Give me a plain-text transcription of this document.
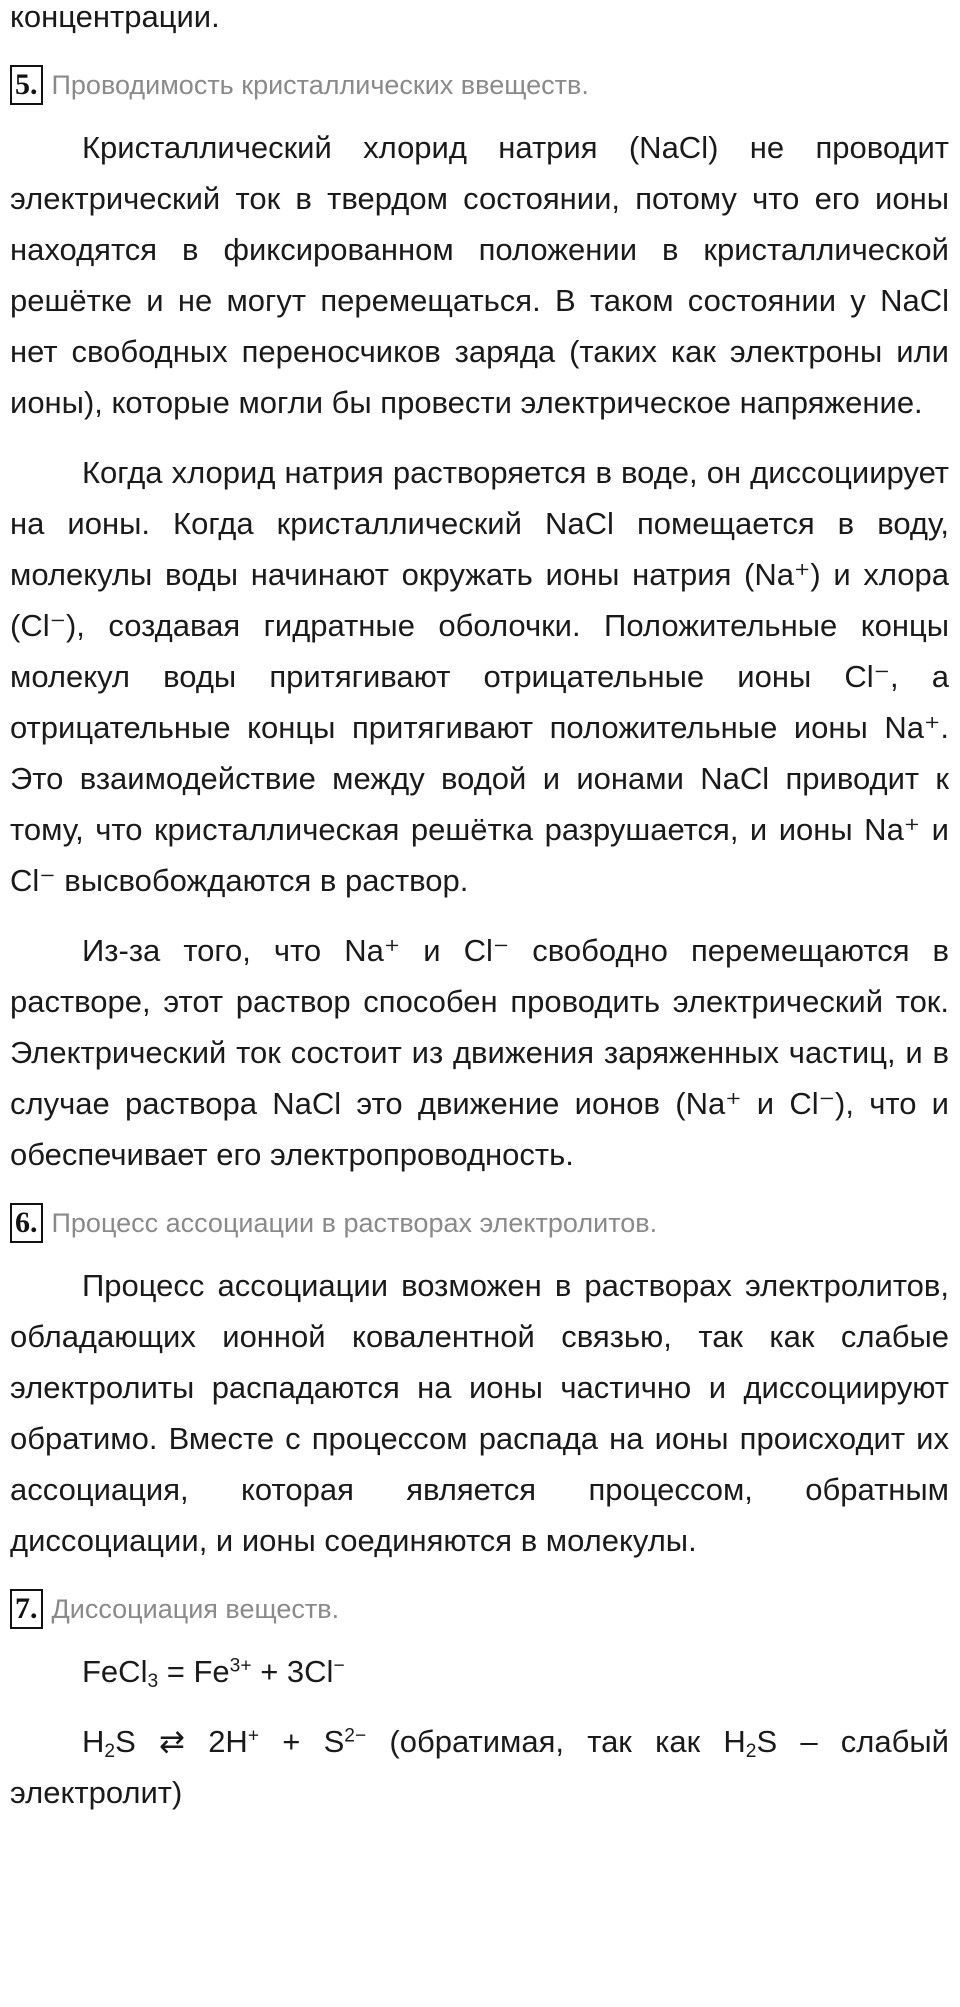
концентрации.

5. Проводимость кристаллических ввеществ.

Кристаллический хлорид натрия (NaCl) не проводит электрический ток в твердом состоянии, потому что его ионы находятся в фиксированном положении в кристаллической решётке и не могут перемещаться. В таком состоянии у NaCl нет свободных переносчиков заряда (таких как электроны или ионы), которые могли бы провести электрическое напряжение.

Когда хлорид натрия растворяется в воде, он диссоциирует на ионы. Когда кристаллический NaCl помещается в воду, молекулы воды начинают окружать ионы натрия (Na⁺) и хлора (Cl⁻), создавая гидратные оболочки. Положительные концы молекул воды притягивают отрицательные ионы Cl⁻, а отрицательные концы притягивают положительные ионы Na⁺. Это взаимодействие между водой и ионами NaCl приводит к тому, что кристаллическая решётка разрушается, и ионы Na⁺ и Cl⁻ высвобождаются в раствор.

Из-за того, что Na⁺ и Cl⁻ свободно перемещаются в растворе, этот раствор способен проводить электрический ток. Электрический ток состоит из движения заряженных частиц, и в случае раствора NaCl это движение ионов (Na⁺ и Cl⁻), что и обеспечивает его электропроводность.

6. Процесс ассоциации в растворах электролитов.

Процесс ассоциации возможен в растворах электролитов, обладающих ионной ковалентной связью, так как слабые электролиты распадаются на ионы частично и диссоциируют обратимо. Вместе с процессом распада на ионы происходит их ассоциация, которая является процессом, обратным диссоциации, и ионы соединяются в молекулы.

7. Диссоциация веществ.

FeCl$_3$ = $Fe^{3+} + 3Cl^-$

$H_2S$ ⇄ $2H^+ + S^{2-}$ (обратимая, так как $H_2S$ – слабый электролит)
